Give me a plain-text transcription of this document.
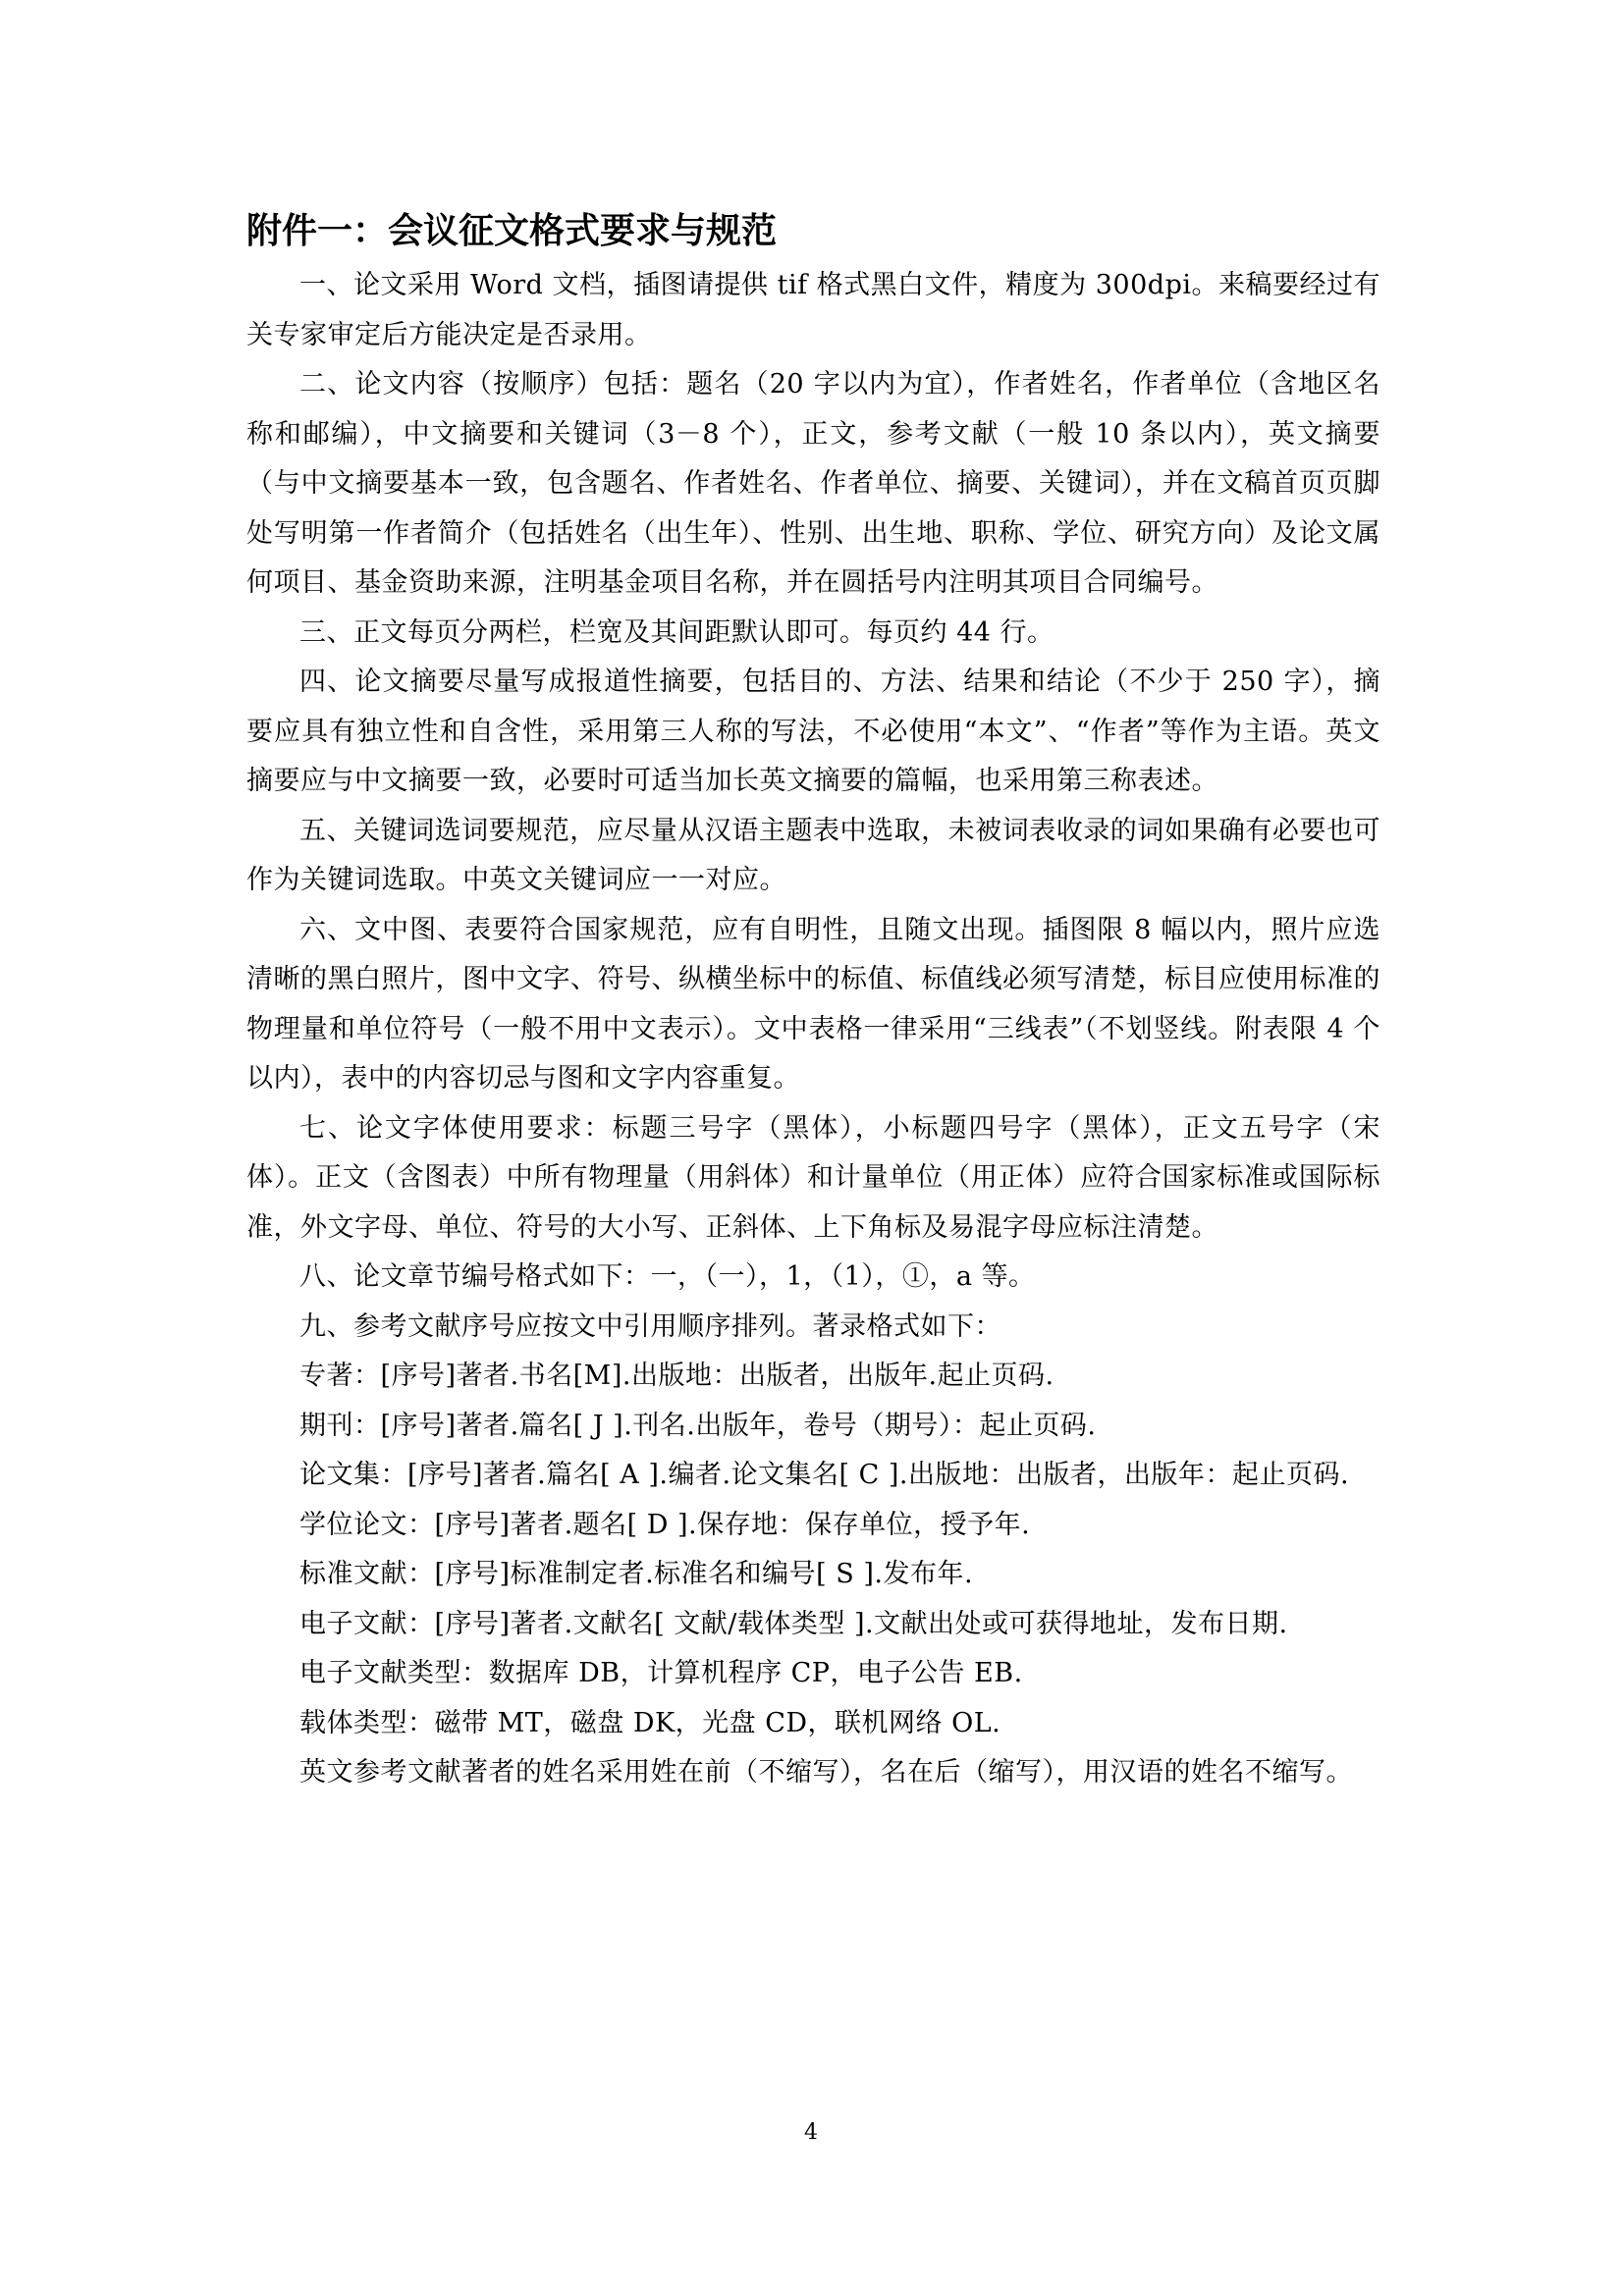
附件一：会议征文格式要求与规范

一、论文采用 Word 文档，插图请提供 tif 格式黑白文件，精度为 300dpi。来稿要经过有关专家审定后方能决定是否录用。

二、论文内容（按顺序）包括：题名（20 字以内为宜），作者姓名，作者单位（含地区名称和邮编），中文摘要和关键词（3－8 个），正文，参考文献（一般 10 条以内），英文摘要（与中文摘要基本一致，包含题名、作者姓名、作者单位、摘要、关键词），并在文稿首页页脚处写明第一作者简介（包括姓名（出生年）、性别、出生地、职称、学位、研究方向）及论文属何项目、基金资助来源，注明基金项目名称，并在圆括号内注明其项目合同编号。

三、正文每页分两栏，栏宽及其间距默认即可。每页约 44 行。

四、论文摘要尽量写成报道性摘要，包括目的、方法、结果和结论（不少于 250 字），摘要应具有独立性和自含性，采用第三人称的写法，不必使用“本文”、“作者”等作为主语。英文摘要应与中文摘要一致，必要时可适当加长英文摘要的篇幅，也采用第三称表述。

五、关键词选词要规范，应尽量从汉语主题表中选取，未被词表收录的词如果确有必要也可作为关键词选取。中英文关键词应一一对应。

六、文中图、表要符合国家规范，应有自明性，且随文出现。插图限 8 幅以内，照片应选清晰的黑白照片，图中文字、符号、纵横坐标中的标值、标值线必须写清楚，标目应使用标准的物理量和单位符号（一般不用中文表示）。文中表格一律采用“三线表”（不划竖线。附表限 4 个以内），表中的内容切忌与图和文字内容重复。

七、论文字体使用要求：标题三号字（黑体），小标题四号字（黑体），正文五号字（宋体）。正文（含图表）中所有物理量（用斜体）和计量单位（用正体）应符合国家标准或国际标准，外文字母、单位、符号的大小写、正斜体、上下角标及易混字母应标注清楚。

八、论文章节编号格式如下：一，（一），1，（1），①，a 等。

九、参考文献序号应按文中引用顺序排列。著录格式如下：

专著：[序号]著者.书名[M].出版地：出版者，出版年.起止页码.

期刊：[序号]著者.篇名[ J ].刊名.出版年，卷号（期号）：起止页码.

论文集：[序号]著者.篇名[ A ].编者.论文集名[ C ].出版地：出版者，出版年：起止页码.

学位论文：[序号]著者.题名[ D ].保存地：保存单位，授予年.

标准文献：[序号]标准制定者.标准名和编号[ S ].发布年.

电子文献：[序号]著者.文献名[ 文献/载体类型 ].文献出处或可获得地址，发布日期.

电子文献类型：数据库 DB，计算机程序 CP，电子公告 EB.

载体类型：磁带 MT，磁盘 DK，光盘 CD，联机网络 OL.

英文参考文献著者的姓名采用姓在前（不缩写），名在后（缩写），用汉语的姓名不缩写。

4
